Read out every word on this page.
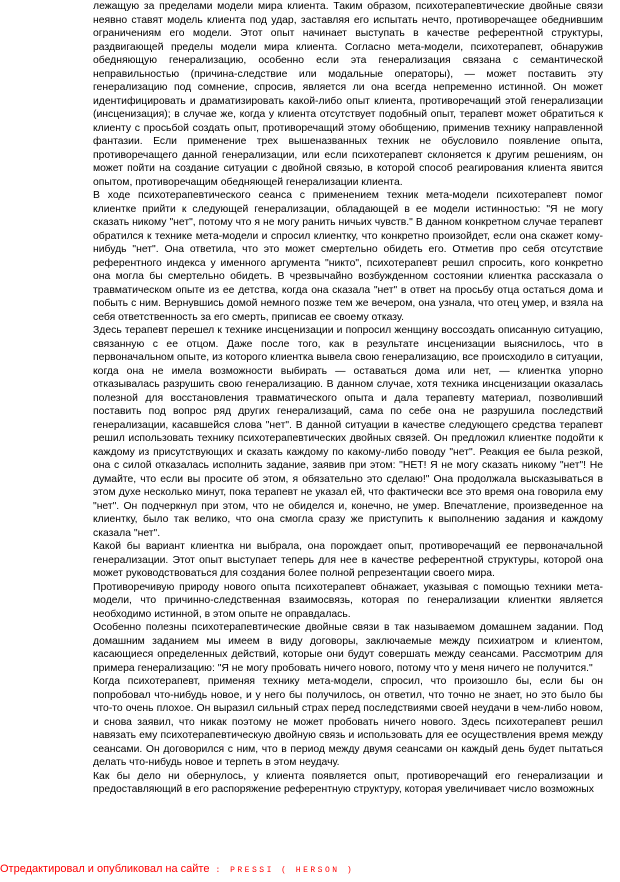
лежащую за пределами модели мира клиента. Таким образом, психотерапевтические двойные связи неявно ставят модель клиента под удар, заставляя его испытать нечто, противоречащее обеднившим ограничениям его модели. Этот опыт начинает выступать в качестве референтной структуры, раздвигающей пределы модели мира клиента. Согласно мета-модели, психотерапевт, обнаружив обедняющую генерализацию, особенно если эта генерализация связана с семантической неправильностью (причина-следствие или модальные операторы), — может поставить эту генерализацию под сомнение, спросив, является ли она всегда непременно истинной. Он может идентифицировать и драматизировать какой-либо опыт клиента, противоречащий этой генерализации (инсценизация); в случае же, когда у клиента отсутствует подобный опыт, терапевт может обратиться к клиенту с просьбой создать опыт, противоречащий этому обобщению, применив технику направленной фантазии. Если применение трех вышеназванных техник не обусловило появление опыта, противоречащего данной генерализации, или если психотерапевт склоняется к другим решениям, он может пойти на создание ситуации с двойной связью, в которой способ реагирования клиента явится опытом, противоречащим обедняющей генерализации клиента.

В ходе психотерапевтического сеанса с применением техник мета-модели психотерапевт помог клиентке прийти к следующей генерализации, обладающей в ее модели истинностью: "Я не могу сказать никому "нет", потому что я не могу ранить ничьих чувств." В данном конкретном случае терапевт обратился к технике мета-модели и спросил клиентку, что конкретно произойдет, если она скажет кому-нибудь "нет". Она ответила, что это может смертельно обидеть его. Отметив про себя отсутствие референтного индекса у именного аргумента "никто", психотерапевт решил спросить, кого конкретно она могла бы смертельно обидеть. В чрезвычайно возбужденном состоянии клиентка рассказала о травматическом опыте из ее детства, когда она сказала "нет" в ответ на просьбу отца остаться дома и побыть с ним. Вернувшись домой немного позже тем же вечером, она узнала, что отец умер, и взяла на себя ответственность за его смерть, приписав ее своему отказу.

Здесь терапевт перешел к технике инсценизации и попросил женщину воссоздать описанную ситуацию, связанную с ее отцом. Даже после того, как в результате инсценизации выяснилось, что в первоначальном опыте, из которого клиентка вывела свою генерализацию, все происходило в ситуации, когда она не имела возможности выбирать — оставаться дома или нет, — клиентка упорно отказывалась разрушить свою генерализацию. В данном случае, хотя техника инсценизации оказалась полезной для восстановления травматического опыта и дала терапевту материал, позволивший поставить под вопрос ряд других генерализаций, сама по себе она не разрушила последствий генерализации, касавшейся слова "нет". В данной ситуации в качестве следующего средства терапевт решил использовать технику психотерапевтических двойных связей. Он предложил клиентке подойти к каждому из присутствующих и сказать каждому по какому-либо поводу "нет". Реакция ее была резкой, она с силой отказалась исполнить задание, заявив при этом: "НЕТ! Я не могу сказать никому "нет"! Не думайте, что если вы просите об этом, я обязательно это сделаю!" Она продолжала высказываться в этом духе несколько минут, пока терапевт не указал ей, что фактически все это время она говорила ему "нет". Он подчеркнул при этом, что не обиделся и, конечно, не умер. Впечатление, произведенное на клиентку, было так велико, что она смогла сразу же приступить к выполнению задания и каждому сказала "нет".

Какой бы вариант клиентка ни выбрала, она порождает опыт, противоречащий ее первоначальной генерализации. Этот опыт выступает теперь для нее в качестве референтной структуры, которой она может руководствоваться для создания более полной репрезентации своего мира.

Противоречивую природу нового опыта психотерапевт обнажает, указывая с помощью техники мета-модели, что причинно-следственная взаимосвязь, которая по генерализации клиентки является необходимо истинной, в этом опыте не оправдалась.

Особенно полезны психотерапевтические двойные связи в так называемом домашнем задании. Под домашним заданием мы имеем в виду договоры, заключаемые между психиатром и клиентом, касающиеся определенных действий, которые они будут совершать между сеансами. Рассмотрим для примера генерализацию: "Я не могу пробовать ничего нового, потому что у меня ничего не получится."

Когда психотерапевт, применяя технику мета-модели, спросил, что произошло бы, если бы он попробовал что-нибудь новое, и у него бы получилось, он ответил, что точно не знает, но это было бы что-то очень плохое. Он выразил сильный страх перед последствиями своей неудачи в чем-либо новом, и снова заявил, что никак поэтому не может пробовать ничего нового. Здесь психотерапевт решил навязать ему психотерапевтическую двойную связь и использовать для ее осуществления время между сеансами. Он договорился с ним, что в период между двумя сеансами он каждый день будет пытаться делать что-нибудь новое и терпеть в этом неудачу.

Как бы дело ни обернулось, у клиента появляется опыт, противоречащий его генерализации и предоставляющий в его распоряжение референтную структуру, которая увеличивает число возможных

Отредактировал и опубликовал на сайте : PRESSI ( HERSON )
